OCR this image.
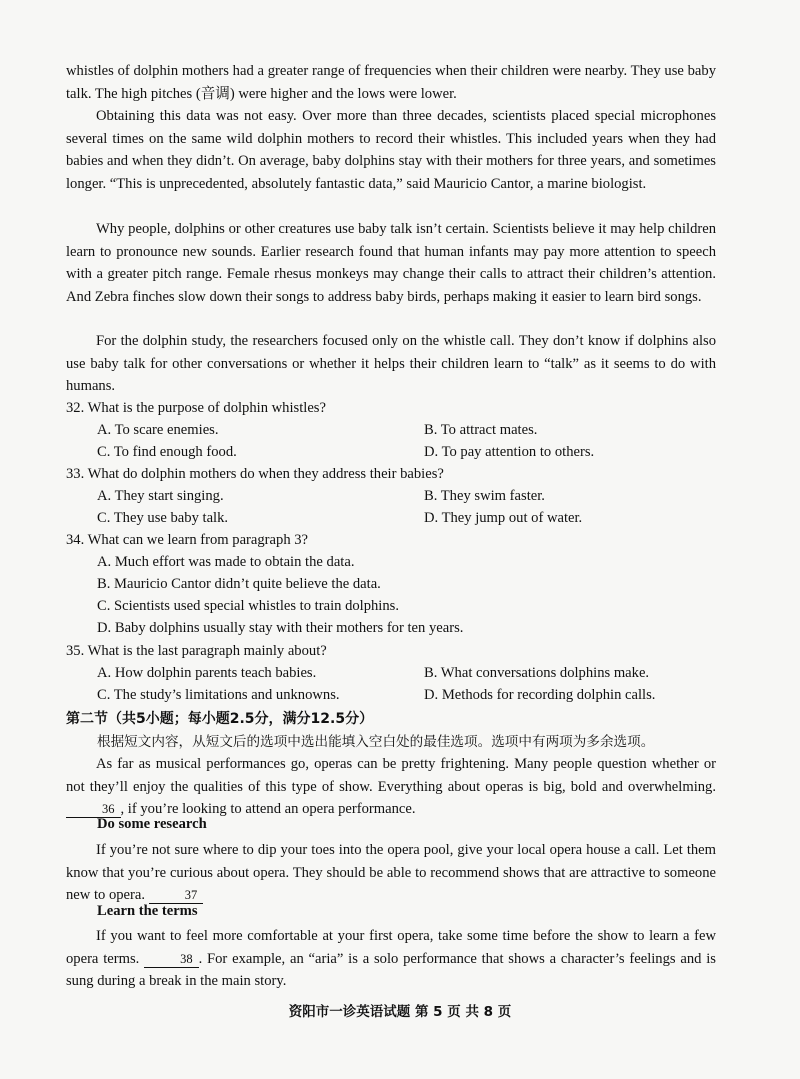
whistles of dolphin mothers had a greater range of frequencies when their children were nearby. They use baby talk. The high pitches (音调) were higher and the lows were lower.

Obtaining this data was not easy. Over more than three decades, scientists placed special microphones several times on the same wild dolphin mothers to record their whistles. This included years when they had babies and when they didn’t. On average, baby dolphins stay with their mothers for three years, and sometimes longer. “This is unprecedented, absolutely fantastic data,” said Mauricio Cantor, a marine biologist.

Why people, dolphins or other creatures use baby talk isn’t certain. Scientists believe it may help children learn to pronounce new sounds. Earlier research found that human infants may pay more attention to speech with a greater pitch range. Female rhesus monkeys may change their calls to attract their children’s attention. And Zebra finches slow down their songs to address baby birds, perhaps making it easier to learn bird songs.

For the dolphin study, the researchers focused only on the whistle call. They don’t know if dolphins also use baby talk for other conversations or whether it helps their children learn to “talk” as it seems to do with humans.

32. What is the purpose of dolphin whistles?

A. To scare enemies.	B. To attract mates.
C. To find enough food.	D. To pay attention to others.

33. What do dolphin mothers do when they address their babies?

A. They start singing.	B. They swim faster.
C. They use baby talk.	D. They jump out of water.

34. What can we learn from paragraph 3?

A. Much effort was made to obtain the data.
B. Mauricio Cantor didn’t quite believe the data.
C. Scientists used special whistles to train dolphins.
D. Baby dolphins usually stay with their mothers for ten years.

35. What is the last paragraph mainly about?

A. How dolphin parents teach babies.	B. What conversations dolphins make.
C. The study’s limitations and unknowns.	D. Methods for recording dolphin calls.

第二节（共5小题；每小题2.5分，满分12.5分）

根据短文内容，从短文后的选项中选出能填入空白处的最佳选项。选项中有两项为多余选项。

As far as musical performances go, operas can be pretty frightening. Many people question whether or not they’ll enjoy the qualities of this type of show. Everything about operas is big, bold and overwhelming. 36 , if you’re looking to attend an opera performance.

Do some research

If you’re not sure where to dip your toes into the opera pool, give your local opera house a call. Let them know that you’re curious about opera. They should be able to recommend shows that are attractive to someone new to opera.	37

Learn the terms

If you want to feel more comfortable at your first opera, take some time before the show to learn a few opera terms.	38 . For example, an “aria” is a solo performance that shows a character’s feelings and is sung during a break in the main story.

资阳市一诊英语试题 第 5 页 共 8 页
